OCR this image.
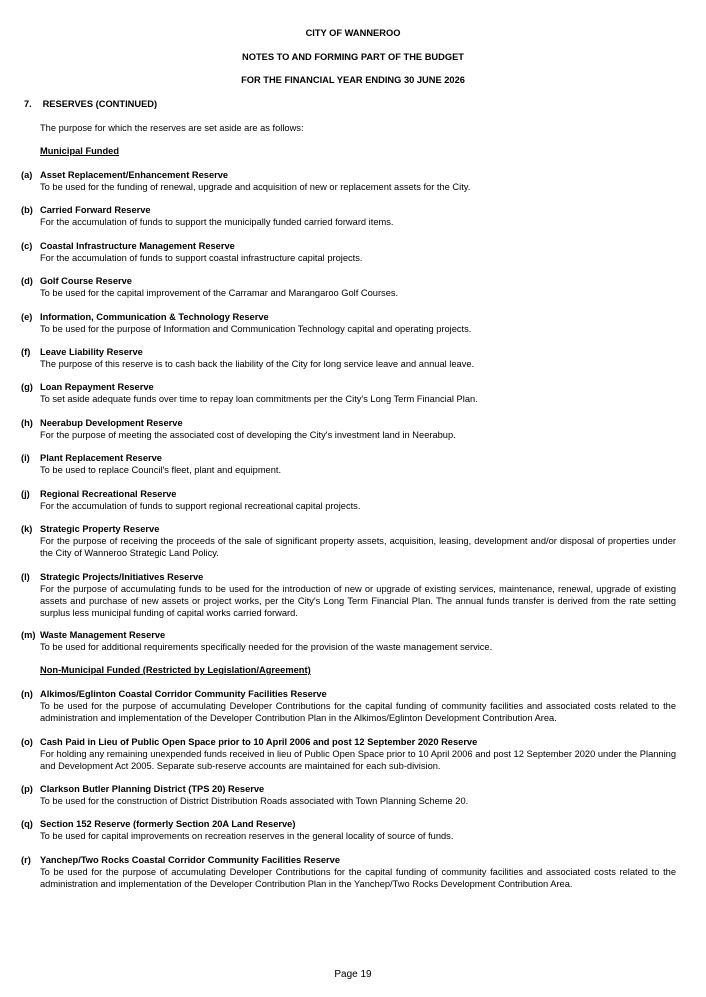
CITY OF WANNEROO
NOTES TO AND FORMING PART OF THE BUDGET
FOR THE FINANCIAL YEAR ENDING 30 JUNE 2026
7. RESERVES (CONTINUED)
The purpose for which the reserves are set aside are as follows:
Municipal Funded
(a) Asset Replacement/Enhancement Reserve
To be used for the funding of renewal, upgrade and acquisition of new or replacement assets for the City.
(b) Carried Forward Reserve
For the accumulation of funds to support the municipally funded carried forward items.
(c) Coastal Infrastructure Management Reserve
For the accumulation of funds to support coastal infrastructure capital projects.
(d) Golf Course Reserve
To be used for the capital improvement of the Carramar and Marangaroo Golf Courses.
(e) Information, Communication & Technology Reserve
To be used for the purpose of Information and Communication Technology capital and operating projects.
(f) Leave Liability Reserve
The purpose of this reserve is to cash back the liability of the City for long service leave and annual leave.
(g) Loan Repayment Reserve
To set aside adequate funds over time to repay loan commitments per the City's Long Term Financial Plan.
(h) Neerabup Development Reserve
For the purpose of meeting the associated cost of developing the City's investment land in Neerabup.
(i) Plant Replacement Reserve
To be used to replace Council's fleet, plant and equipment.
(j) Regional Recreational Reserve
For the accumulation of funds to support regional recreational capital projects.
(k) Strategic Property Reserve
For the purpose of receiving the proceeds of the sale of significant property assets, acquisition, leasing, development and/or disposal of properties under the City of Wanneroo Strategic Land Policy.
(l) Strategic Projects/Initiatives Reserve
For the purpose of accumulating funds to be used for the introduction of new or upgrade of existing services, maintenance, renewal, upgrade of existing assets and purchase of new assets or project works, per the City's Long Term Financial Plan. The annual funds transfer is derived from the rate setting surplus less municipal funding of capital works carried forward.
(m) Waste Management Reserve
To be used for additional requirements specifically needed for the provision of the waste management service.
Non-Municipal Funded (Restricted by Legislation/Agreement)
(n) Alkimos/Eglinton Coastal Corridor Community Facilities Reserve
To be used for the purpose of accumulating Developer Contributions for the capital funding of community facilities and associated costs related to the administration and implementation of the Developer Contribution Plan in the Alkimos/Eglinton Development Contribution Area.
(o) Cash Paid in Lieu of Public Open Space prior to 10 April 2006 and post 12 September 2020 Reserve
For holding any remaining unexpended funds received in lieu of Public Open Space prior to 10 April 2006 and post 12 September 2020 under the Planning and Development Act 2005. Separate sub-reserve accounts are maintained for each sub-division.
(p) Clarkson Butler Planning District (TPS 20) Reserve
To be used for the construction of District Distribution Roads associated with Town Planning Scheme 20.
(q) Section 152 Reserve (formerly Section 20A Land Reserve)
To be used for capital improvements on recreation reserves in the general locality of source of funds.
(r) Yanchep/Two Rocks Coastal Corridor Community Facilities Reserve
To be used for the purpose of accumulating Developer Contributions for the capital funding of community facilities and associated costs related to the administration and implementation of the Developer Contribution Plan in the Yanchep/Two Rocks Development Contribution Area.
Page 19
